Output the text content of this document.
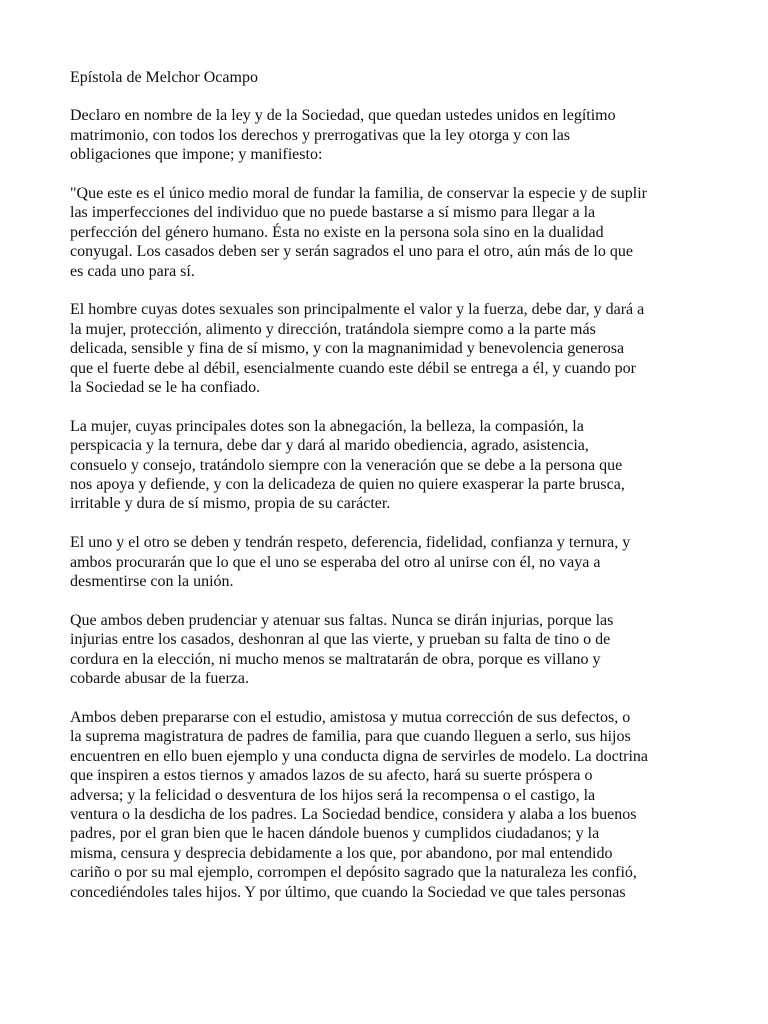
Epístola de Melchor Ocampo

Declaro en nombre de la ley y de la Sociedad, que quedan ustedes unidos en legítimo
matrimonio, con todos los derechos y prerrogativas que la ley otorga y con las
obligaciones que impone; y manifiesto:

"Que este es el único medio moral de fundar la familia, de conservar la especie y de suplir
las imperfecciones del individuo que no puede bastarse a sí mismo para llegar a la
perfección del género humano. Ésta no existe en la persona sola sino en la dualidad
conyugal. Los casados deben ser y serán sagrados el uno para el otro, aún más de lo que
es cada uno para sí.

El hombre cuyas dotes sexuales son principalmente el valor y la fuerza, debe dar, y dará a
la mujer, protección, alimento y dirección, tratándola siempre como a la parte más
delicada, sensible y fina de sí mismo, y con la magnanimidad y benevolencia generosa
que el fuerte debe al débil, esencialmente cuando este débil se entrega a él, y cuando por
la Sociedad se le ha confiado.

La mujer, cuyas principales dotes son la abnegación, la belleza, la compasión, la
perspicacia y la ternura, debe dar y dará al marido obediencia, agrado, asistencia,
consuelo y consejo, tratándolo siempre con la veneración que se debe a la persona que
nos apoya y defiende, y con la delicadeza de quien no quiere exasperar la parte brusca,
irritable y dura de sí mismo, propia de su carácter.

El uno y el otro se deben y tendrán respeto, deferencia, fidelidad, confianza y ternura, y
ambos procurarán que lo que el uno se esperaba del otro al unirse con él, no vaya a
desmentirse con la unión.

Que ambos deben prudenciar y atenuar sus faltas. Nunca se dirán injurias, porque las
injurias entre los casados, deshonran al que las vierte, y prueban su falta de tino o de
cordura en la elección, ni mucho menos se maltratarán de obra, porque es villano y
cobarde abusar de la fuerza.

Ambos deben prepararse con el estudio, amistosa y mutua corrección de sus defectos, o
la suprema magistratura de padres de familia, para que cuando lleguen a serlo, sus hijos
encuentren en ello buen ejemplo y una conducta digna de servirles de modelo. La doctrina
que inspiren a estos tiernos y amados lazos de su afecto, hará su suerte próspera o
adversa; y la felicidad o desventura de los hijos será la recompensa o el castigo, la
ventura o la desdicha de los padres. La Sociedad bendice, considera y alaba a los buenos
padres, por el gran bien que le hacen dándole buenos y cumplidos ciudadanos; y la
misma, censura y desprecia debidamente a los que, por abandono, por mal entendido
cariño o por su mal ejemplo, corrompen el depósito sagrado que la naturaleza les confió,
concediéndoles tales hijos. Y por último, que cuando la Sociedad ve que tales personas
